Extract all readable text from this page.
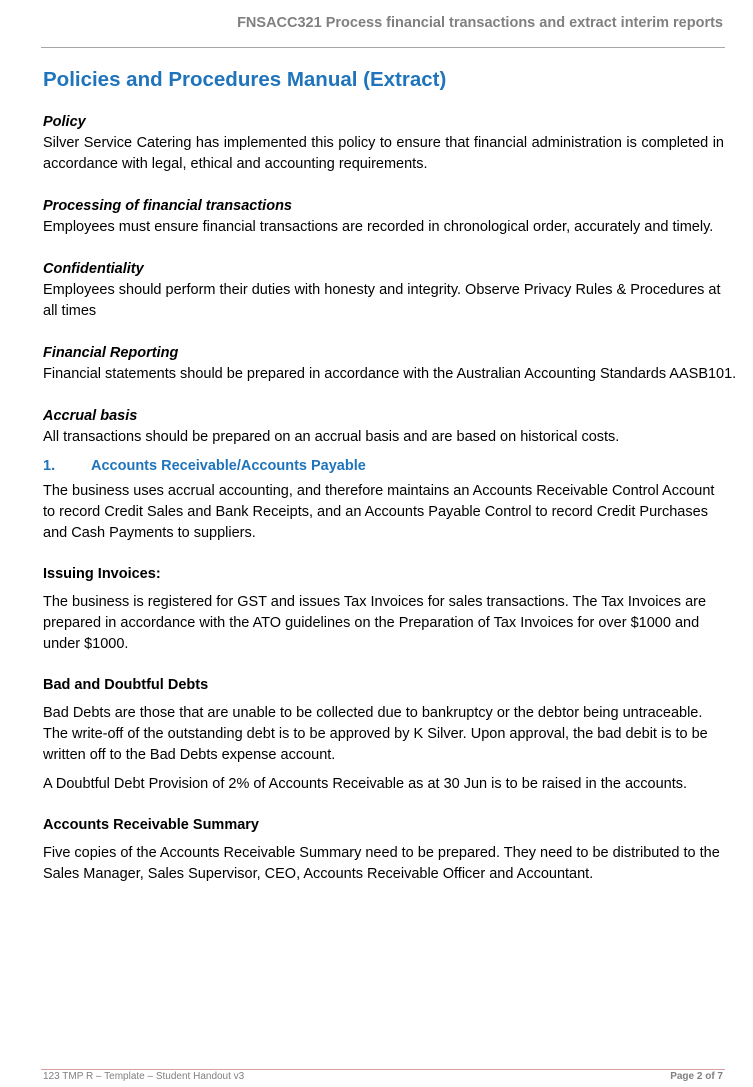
FNSACC321 Process financial transactions and extract interim reports
Policies and Procedures Manual (Extract)
Policy
Silver Service Catering has implemented this policy to ensure that financial administration is completed in accordance with legal, ethical and accounting requirements.
Processing of financial transactions
Employees must ensure financial transactions are recorded in chronological order, accurately and timely.
Confidentiality
Employees should perform their duties with honesty and integrity. Observe Privacy Rules & Procedures at all times
Financial Reporting
Financial statements should be prepared in accordance with the Australian Accounting Standards AASB101.
Accrual basis
All transactions should be prepared on an accrual basis and are based on historical costs.
1.	Accounts Receivable/Accounts Payable

The business uses accrual accounting, and therefore maintains an Accounts Receivable Control Account to record Credit Sales and Bank Receipts, and an Accounts Payable Control to record Credit Purchases and Cash Payments to suppliers.

Issuing Invoices:

The business is registered for GST and issues Tax Invoices for sales transactions. The Tax Invoices are prepared in accordance with the ATO guidelines on the Preparation of Tax Invoices for over $1000 and under $1000.

Bad and Doubtful Debts

Bad Debts are those that are unable to be collected due to bankruptcy or the debtor being untraceable. The write-off of the outstanding debt is to be approved by K Silver. Upon approval, the bad debit is to be written off to the Bad Debts expense account.

A Doubtful Debt Provision of 2% of Accounts Receivable as at 30 Jun is to be raised in the accounts.

Accounts Receivable Summary

Five copies of the Accounts Receivable Summary need to be prepared. They need to be distributed to the Sales Manager, Sales Supervisor, CEO, Accounts Receivable Officer and Accountant.

123 TMP R – Template – Student Handout v3	Page 2 of 7
